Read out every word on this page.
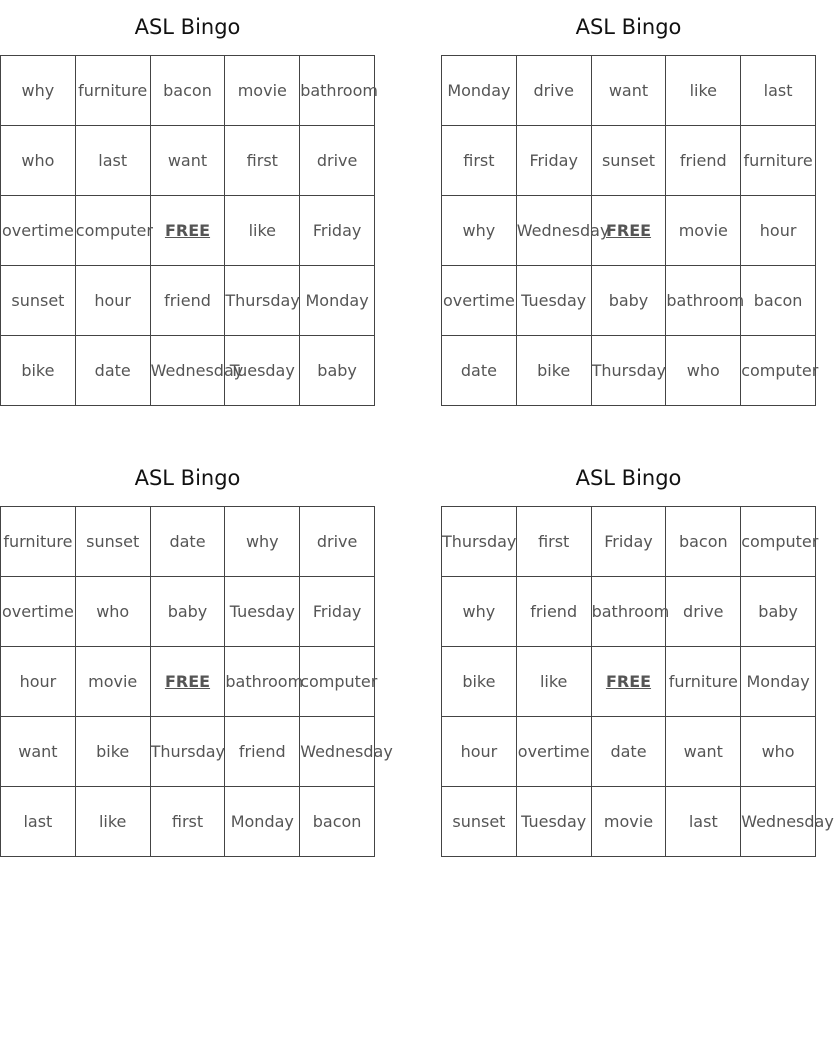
ASL Bingo
why	furniture	bacon	movie	bathroom
who	last	want	first	drive
overtime	computer	FREE	like	Friday
sunset	hour	friend	Thursday	Monday
bike	date	Wednesday	Tuesday	baby
ASL Bingo
Monday	drive	want	like	last
first	Friday	sunset	friend	furniture
why	Wednesday	FREE	movie	hour
overtime	Tuesday	baby	bathroom	bacon
date	bike	Thursday	who	computer
ASL Bingo
furniture	sunset	date	why	drive
overtime	who	baby	Tuesday	Friday
hour	movie	FREE	bathroom	computer
want	bike	Thursday	friend	Wednesday
last	like	first	Monday	bacon
ASL Bingo
Thursday	first	Friday	bacon	computer
why	friend	bathroom	drive	baby
bike	like	FREE	furniture	Monday
hour	overtime	date	want	who
sunset	Tuesday	movie	last	Wednesday
